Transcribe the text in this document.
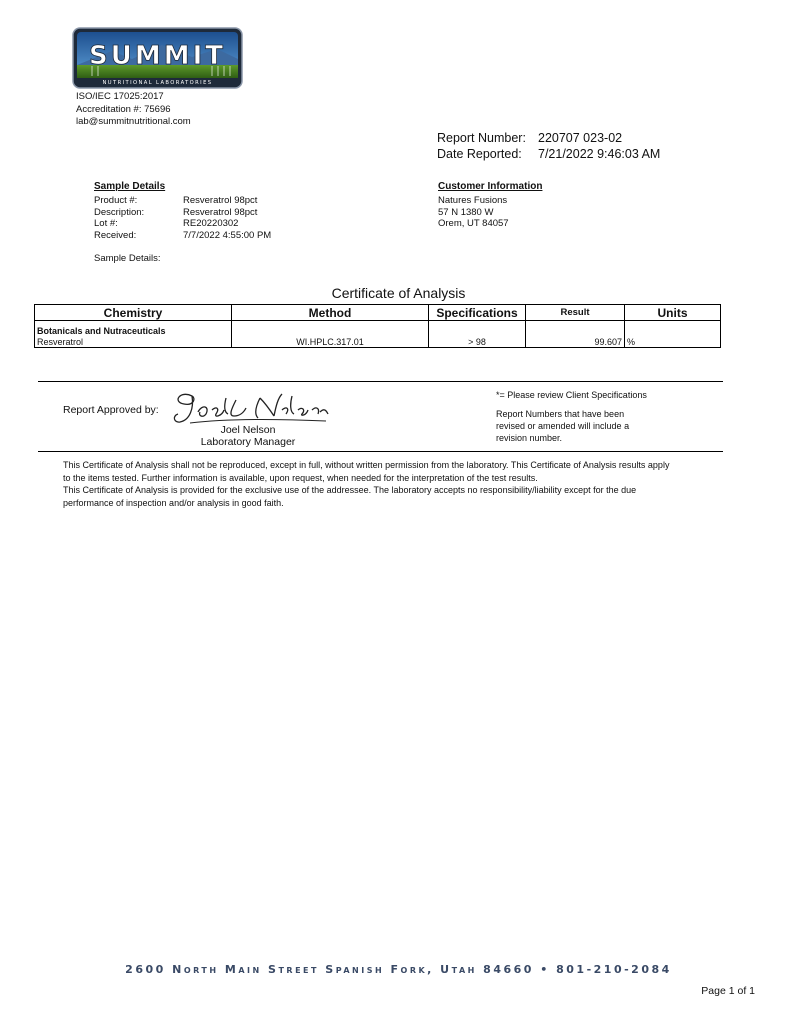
SUMMIT
NUTRITIONAL LABORATORIES
ISO/IEC 17025:2017
Accreditation #: 75696
lab@summitnutritional.com
Report Number: 220707 023-02
Date Reported:	7/21/2022 9:46:03 AM
Sample Details
Product #:	Resveratrol 98pct
Description:	Resveratrol 98pct
Lot #:	RE20220302
Received:	7/7/2022 4:55:00 PM
Sample Details:
Customer Information
Natures Fusions
57 N 1380 W
Orem, UT 84057
Certificate of Analysis
Chemistry	Method	Specifications	Result	Units
Botanicals and Nutraceuticals				
Resveratrol	WI.HPLC.317.01	> 98	99.607	%
Report Approved by:
Joel Nelson
Laboratory Manager
*= Please review Client Specifications
Report Numbers that have been
revised or amended will include a
revision number.
This Certificate of Analysis shall not be reproduced, except in full, without written permission from the laboratory. This Certificate of Analysis results apply
to the items tested. Further information is available, upon request, when needed for the interpretation of the test results.
This Certificate of Analysis is provided for the exclusive use of the addressee. The laboratory accepts no responsibility/liability except for the due
performance of inspection and/or analysis in good faith.
2600 North Main Street Spanish Fork, Utah 84660 • 801-210-2084
Page 1 of 1
